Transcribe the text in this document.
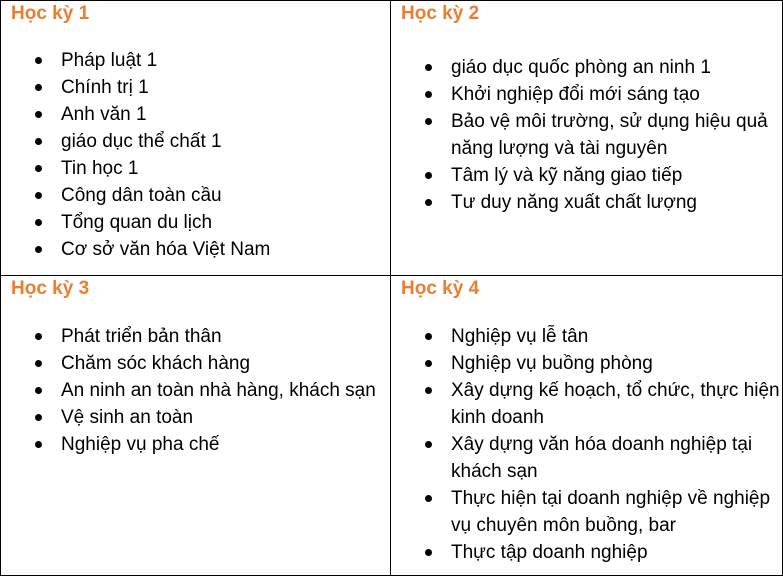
Học kỳ 1

Pháp luật 1
Chính trị 1
Anh văn 1
giáo dục thể chất 1
Tin học 1
Công dân toàn cầu
Tổng quan du lịch
Cơ sở văn hóa Việt Nam

Học kỳ 2

giáo dục quốc phòng an ninh 1
Khởi nghiệp đổi mới sáng tạo
Bảo vệ môi trường, sử dụng hiệu quả năng lượng và tài nguyên
Tâm lý và kỹ năng giao tiếp
Tư duy năng xuất chất lượng

Học kỳ 3

Phát triển bản thân
Chăm sóc khách hàng
An ninh an toàn nhà hàng, khách sạn
Vệ sinh an toàn
Nghiệp vụ pha chế

Học kỳ 4

Nghiệp vụ lễ tân
Nghiệp vụ buồng phòng
Xây dựng kế hoạch, tổ chức, thực hiện kinh doanh
Xây dựng văn hóa doanh nghiệp tại khách sạn
Thực hiện tại doanh nghiệp về nghiệp vụ chuyên môn buồng, bar
Thực tập doanh nghiệp
